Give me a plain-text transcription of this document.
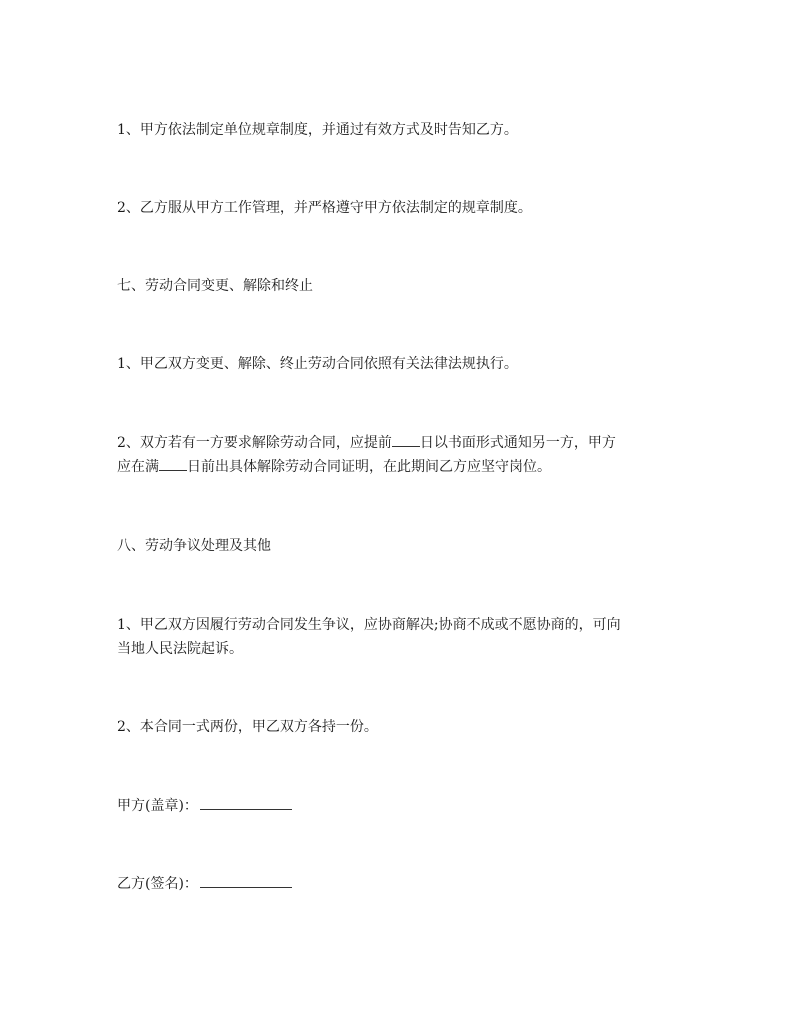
1、甲方依法制定单位规章制度，并通过有效方式及时告知乙方。
2、乙方服从甲方工作管理，并严格遵守甲方依法制定的规章制度。
七、劳动合同变更、解除和终止
1、甲乙双方变更、解除、终止劳动合同依照有关法律法规执行。
2、双方若有一方要求解除劳动合同，应提前 日以书面形式通知另一方，甲方
应在满 日前出具体解除劳动合同证明，在此期间乙方应坚守岗位。
八、劳动争议处理及其他
1、甲乙双方因履行劳动合同发生争议，应协商解决;协商不成或不愿协商的，可向
当地人民法院起诉。
2、本合同一式两份，甲乙双方各持一份。
甲方(盖章)：
乙方(签名)：
